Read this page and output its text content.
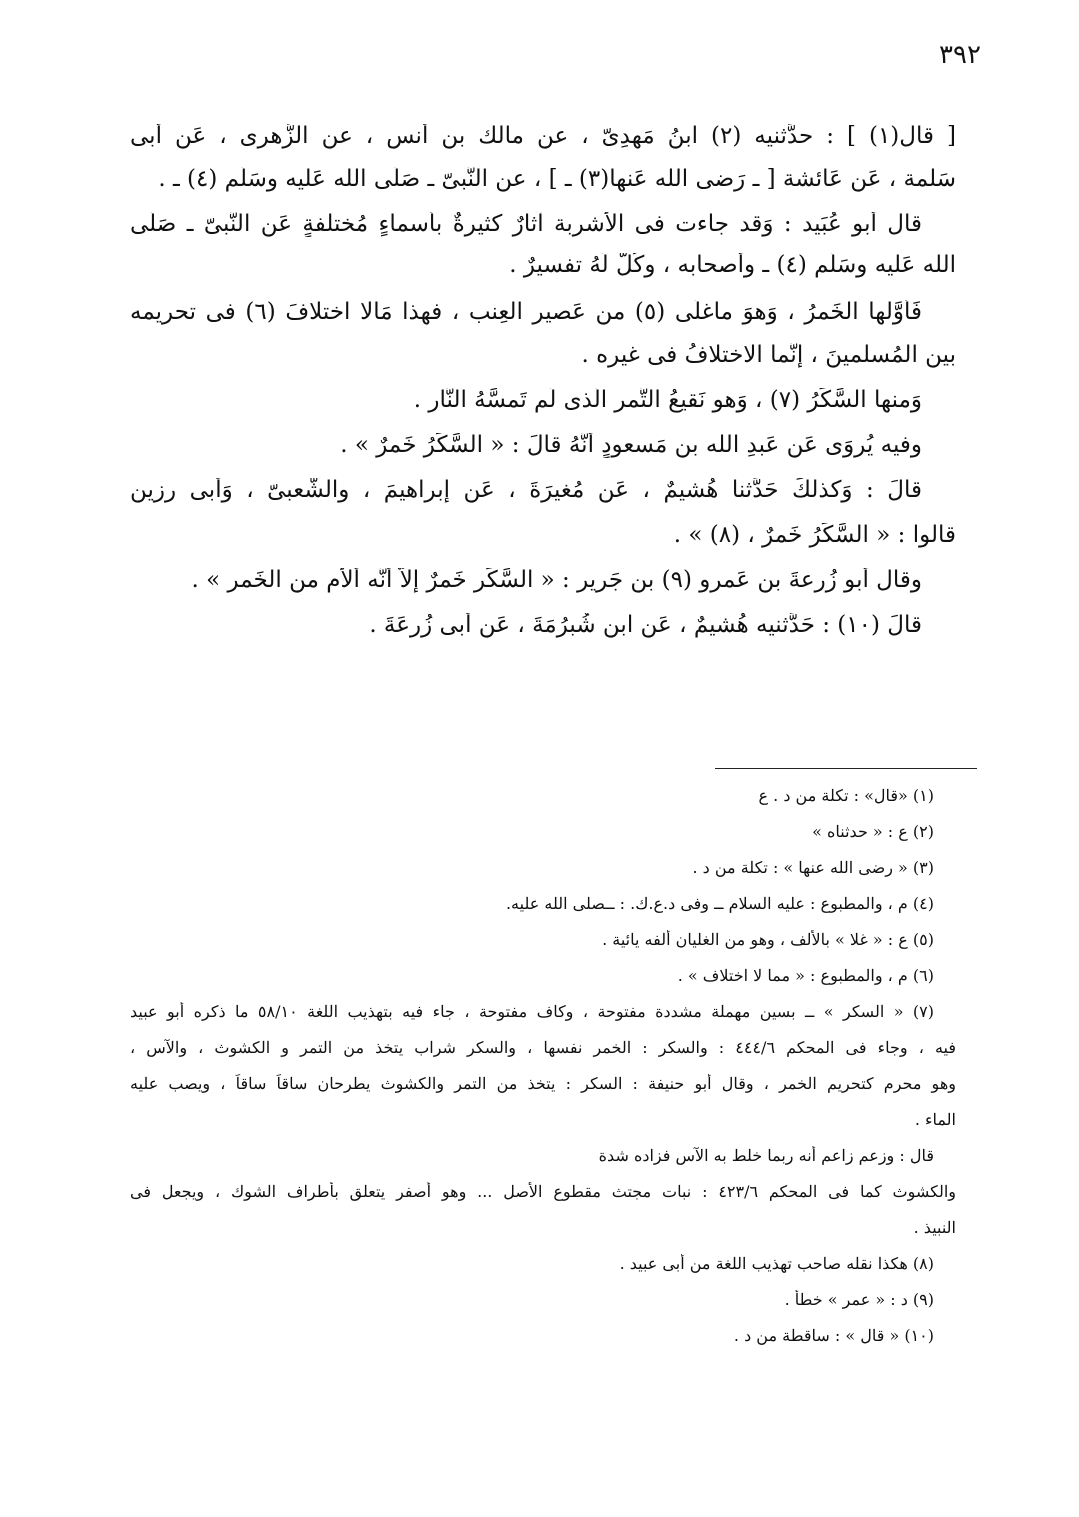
٣٩٢

[ قال(١) ] : حدَّثنيه (٢) ابنُ مَهدِىّ ، عن مالك بن أنس ، عن الزُّهرى ، عَن أبى

سَلمة ، عَن عَائشة [ ـ رَضى الله عَنها(٣) ـ ] ، عن النَّبىّ ـ صَلَّى الله عَليه وسَلَّم (٤) ـ .

قال أبو عُبَيد : وَقد جاءت فى الأشربة آثارٌ كثيرةٌ بأسماءٍ مُختلفةٍ عَن النَّبىّ ـ صَلَّى

الله عَليه وسَلَّم (٤) ـ وأصحابه ، وكُلٌّ لَهُ تفسيرٌ .

فَأوَّلها الخَمرُ ، وَهوَ ماغلَى (٥) من عَصير العِنب ، فهذا مَالا اختلافَ (٦) فى تحريمه

بين المُسلمينَ ، إنَّما الاختلافُ فى غيره .

وَمنها السَّكَرُ (٧) ، وَهو نَقيعُ التَّمرِ الَّذى لَم تَمسَّهُ النَّار .

وفيه يُروَى عَن عَبدِ الله بن مَسعودٍ أنَّهُ قالَ : « السَّكَرُ خَمرٌ » .

قالَ : وَكذلكَ حَدَّثنا هُشيمٌ ، عَن مُغيرَةَ ، عَن إبراهيمَ ، والشَّعبىّ ، وَأبى رزين

قالوا : « السَّكَرُ خَمرٌ ، (٨) » .

وقال أبو زُرعةَ بن عَمرو (٩) بن جَرير : « السَّكَر خَمرٌ إلاَّ أنَّه ألأم من الخَمر » .

قالَ (١٠) : حَدَّثنيه هُشيمٌ ، عَن ابن شُبرُمَةَ ، عَن أبى زُرعَةَ .

(١) «قال» : تكلة من د . ع

(٢) ع : « حدثناه »

(٣) « رضى الله عنها » : تكلة من د .

(٤) م ، والمطبوع : عليه السلام ــ وفى د.ع.ك. : ــصلى الله عليه.

(٥) ع : « غلا » بالألف ، وهو من الغليان ألفه يائية .

(٦) م ، والمطبوع : « مما لا اختلاف » .

(٧) « السكر » ــ بسين مهملة مشددة مفتوحة ، وكاف مفتوحة ، جاء فيه بتهذيب اللغة ٥٨/١٠ ما ذكره أبو عبيد

فيه ، وجاء فى المحكم ٤٤٤/٦ : والسكر : الخمر نفسها ، والسكر شراب يتخذ من التمر و الكشوث ، والآس ،

وهو محرم كتحريم الخمر ، وقال أبو حنيفة : السكر : يتخذ من التمر والكشوث يطرحان ساقاً ساقاً ، ويصب عليه

الماء .

قال : وزعم زاعم أنه ربما خلط به الآس فزاده شدة

والكشوث كما فى المحكم ٤٢٣/٦ : نبات مجتث مقطوع الأصل ... وهو أصفر يتعلق بأطراف الشوك ، ويجعل فى

النبيذ .

(٨) هكذا نقله صاحب تهذيب اللغة من أبى عبيد .

(٩) د : « عمر » خطأ .

(١٠) « قال » : ساقطة من د .
